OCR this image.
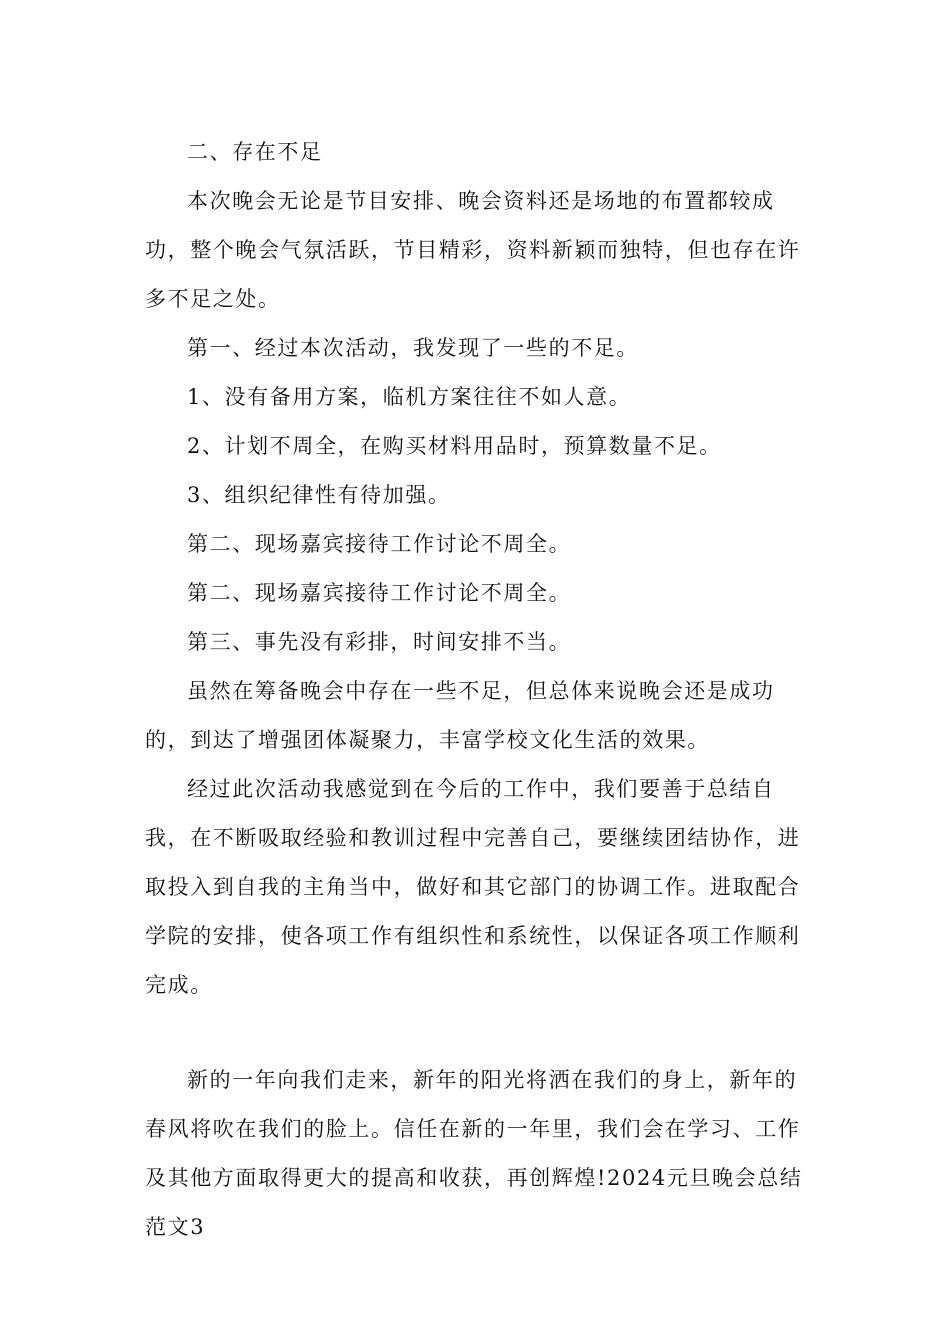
二、存在不足

本次晚会无论是节目安排、晚会资料还是场地的布置都较成功，整个晚会气氛活跃，节目精彩，资料新颖而独特，但也存在许多不足之处。

第一、经过本次活动，我发现了一些的不足。

1、没有备用方案，临机方案往往不如人意。

2、计划不周全，在购买材料用品时，预算数量不足。

3、组织纪律性有待加强。

第二、现场嘉宾接待工作讨论不周全。

第二、现场嘉宾接待工作讨论不周全。

第三、事先没有彩排，时间安排不当。

虽然在筹备晚会中存在一些不足，但总体来说晚会还是成功的，到达了增强团体凝聚力，丰富学校文化生活的效果。

经过此次活动我感觉到在今后的工作中，我们要善于总结自我，在不断吸取经验和教训过程中完善自己，要继续团结协作，进取投入到自我的主角当中，做好和其它部门的协调工作。进取配合学院的安排，使各项工作有组织性和系统性，以保证各项工作顺利完成。

新的一年向我们走来，新年的阳光将洒在我们的身上，新年的春风将吹在我们的脸上。信任在新的一年里，我们会在学习、工作及其他方面取得更大的提高和收获，再创辉煌!2024元旦晚会总结范文3
